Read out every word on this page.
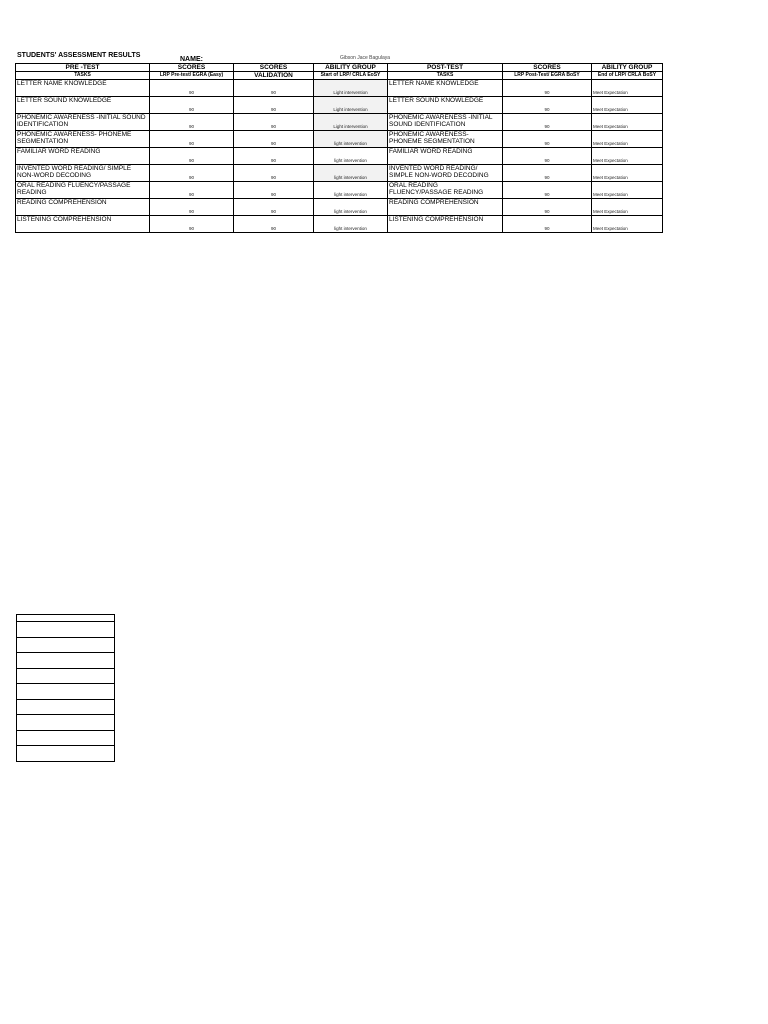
STUDENTS' ASSESSMENT RESULTS
NAME:	Gibson Jace Bagulaya
PRE -TEST	SCORES	SCORES	ABILITY GROUP	POST-TEST	SCORES	ABILITY GROUP
TASKS	LRP Pre-test/ EGRA (Easy)	VALIDATION	Start of LRP/ CRLA EoSY	TASKS	LRP Post-Test/ EGRA BoSY	End of LRP/ CRLA BoSY
LETTER NAME KNOWLEDGE	90	90	Light intervention	LETTER NAME KNOWLEDGE	90	Meet Expectation
LETTER SOUND KNOWLEDGE	90	90	Light intervention	LETTER SOUND KNOWLEDGE	90	Meet Expectation
PHONEMIC AWARENESS -INITIAL SOUND IDENTIFICATION	90	90	Light intervention	PHONEMIC AWARENESS -INITIAL SOUND IDENTIFICATION	90	Meet Expectation
PHONEMIC AWARENESS- PHONEME SEGMENTATION	90	90	light intervention	PHONEMIC AWARENESS- PHONEME SEGMENTATION	90	Meet Expectation
FAMILIAR WORD READING	90	90	light intervention	FAMILIAR WORD READING	90	Meet Expectation
INVENTED WORD READING/ SIMPLE NON-WORD DECODING	90	90	light intervention	INVENTED WORD READING/ SIMPLE NON-WORD DECODING	90	Meet Expectation
ORAL READING FLUENCY/PASSAGE READING	90	90	light intervention	ORAL READING FLUENCY/PASSAGE READING	90	Meet Expectation
READING COMPREHENSION	90	90	light intervention	READING COMPREHENSION	90	Meet Expectation
LISTENING COMPREHENSION	90	90	light intervention	LISTENING COMPREHENSION	90	Meet Expectation
